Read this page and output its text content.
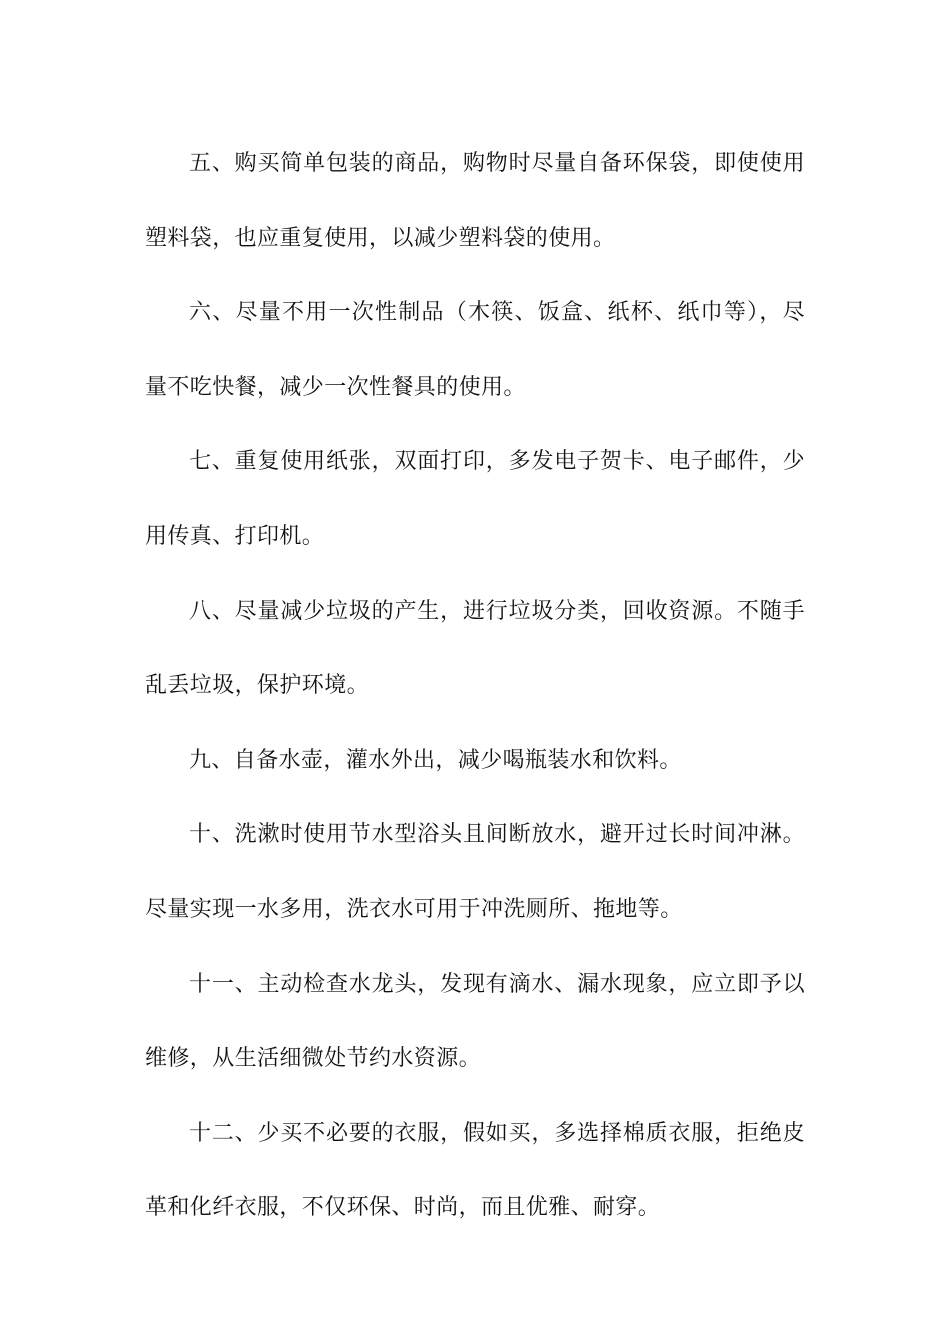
五、购买简单包装的商品，购物时尽量自备环保袋，即使使用塑料袋，也应重复使用，以减少塑料袋的使用。

六、尽量不用一次性制品（木筷、饭盒、纸杯、纸巾等），尽量不吃快餐，减少一次性餐具的使用。

七、重复使用纸张，双面打印，多发电子贺卡、电子邮件，少用传真、打印机。

八、尽量减少垃圾的产生，进行垃圾分类，回收资源。不随手乱丢垃圾，保护环境。

九、自备水壶，灌水外出，减少喝瓶装水和饮料。

十、洗漱时使用节水型浴头且间断放水，避开过长时间冲淋。尽量实现一水多用，洗衣水可用于冲洗厕所、拖地等。

十一、主动检查水龙头，发现有滴水、漏水现象，应立即予以维修，从生活细微处节约水资源。

十二、少买不必要的衣服，假如买，多选择棉质衣服，拒绝皮革和化纤衣服，不仅环保、时尚，而且优雅、耐穿。
